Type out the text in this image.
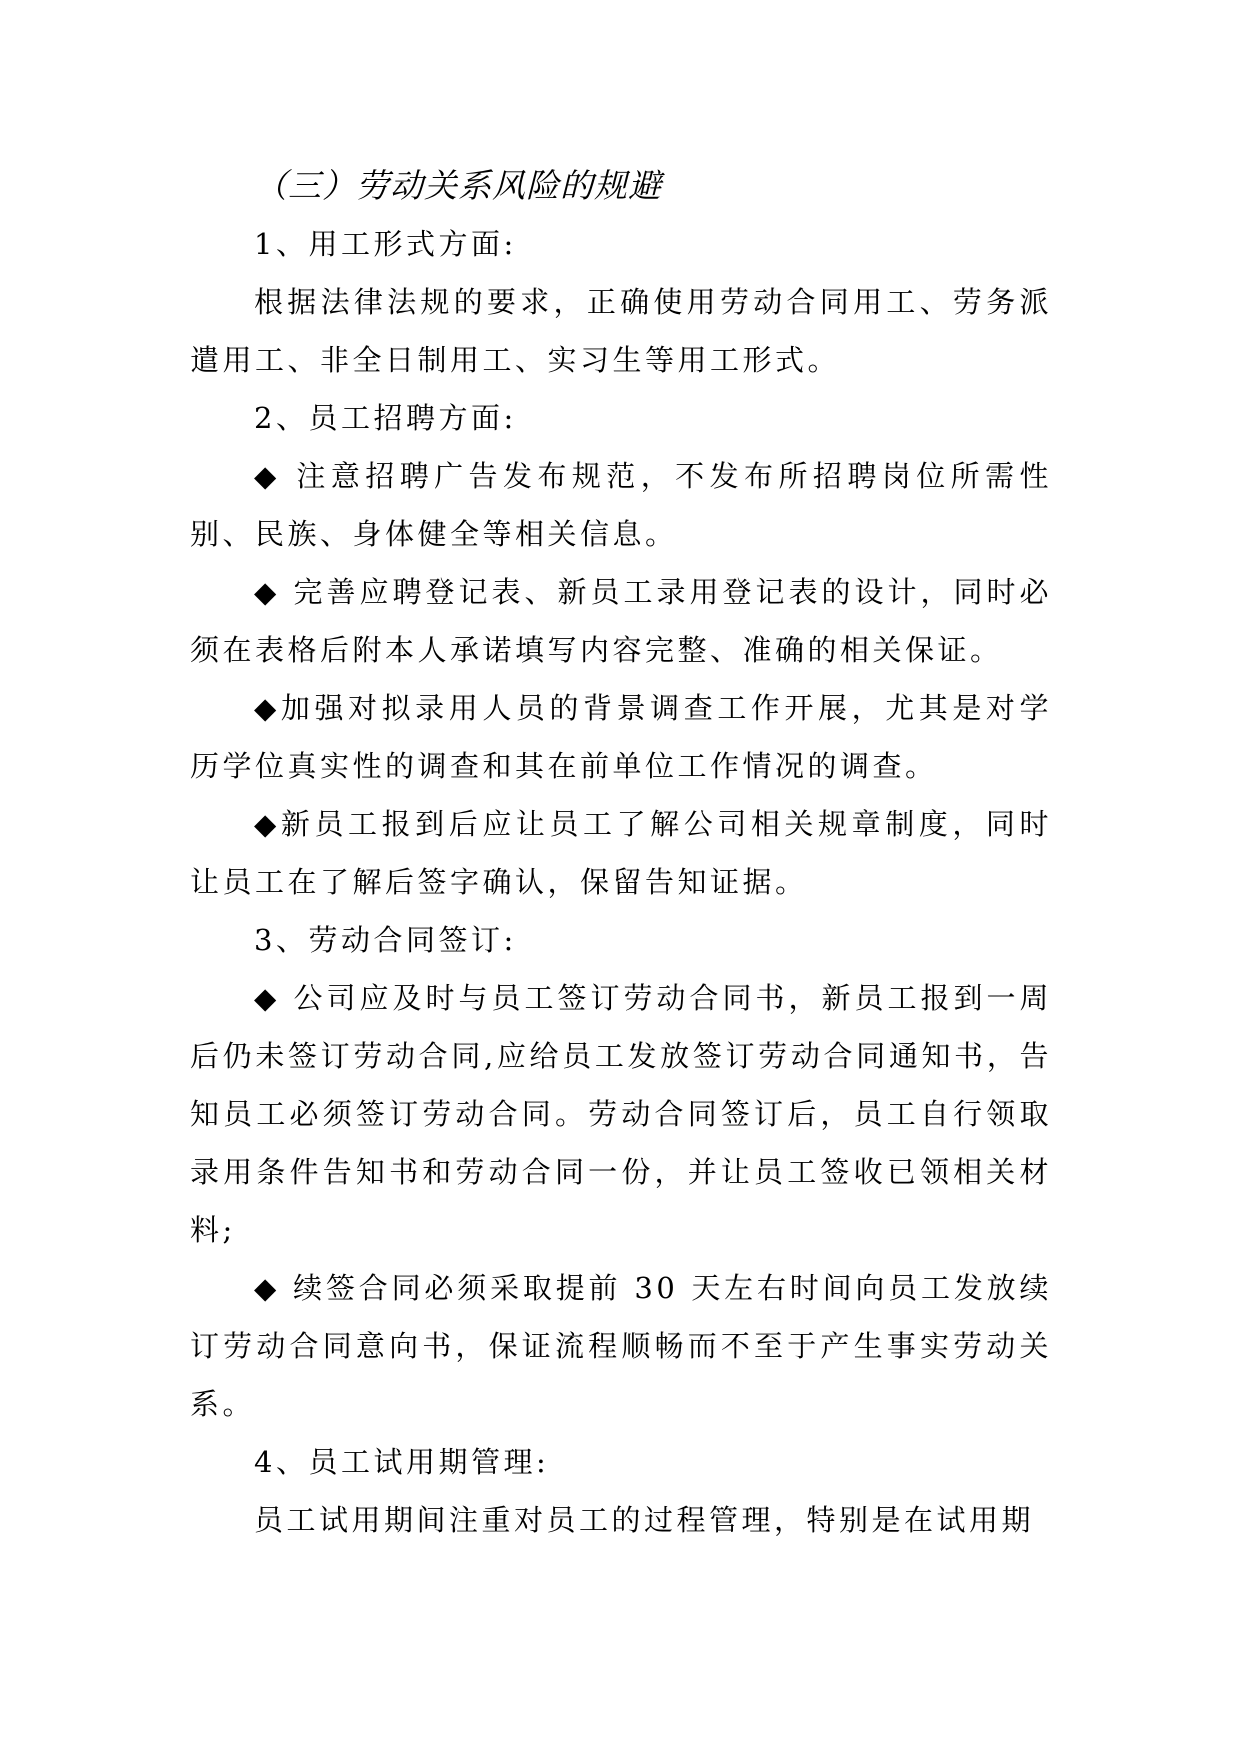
（三）劳动关系风险的规避
1、用工形式方面:

根据法律法规的要求，正确使用劳动合同用工、劳务派遣用工、非全日制用工、实习生等用工形式。

2、员工招聘方面:

◆ 注意招聘广告发布规范，不发布所招聘岗位所需性别、民族、身体健全等相关信息。

◆ 完善应聘登记表、新员工录用登记表的设计，同时必须在表格后附本人承诺填写内容完整、准确的相关保证。

◆加强对拟录用人员的背景调查工作开展，尤其是对学历学位真实性的调查和其在前单位工作情况的调查。

◆新员工报到后应让员工了解公司相关规章制度，同时让员工在了解后签字确认，保留告知证据。

3、劳动合同签订:

◆ 公司应及时与员工签订劳动合同书，新员工报到一周后仍未签订劳动合同,应给员工发放签订劳动合同通知书，告知员工必须签订劳动合同。劳动合同签订后，员工自行领取录用条件告知书和劳动合同一份，并让员工签收已领相关材料;

◆ 续签合同必须采取提前 30 天左右时间向员工发放续订劳动合同意向书，保证流程顺畅而不至于产生事实劳动关系。

4、员工试用期管理:

员工试用期间注重对员工的过程管理，特别是在试用期
